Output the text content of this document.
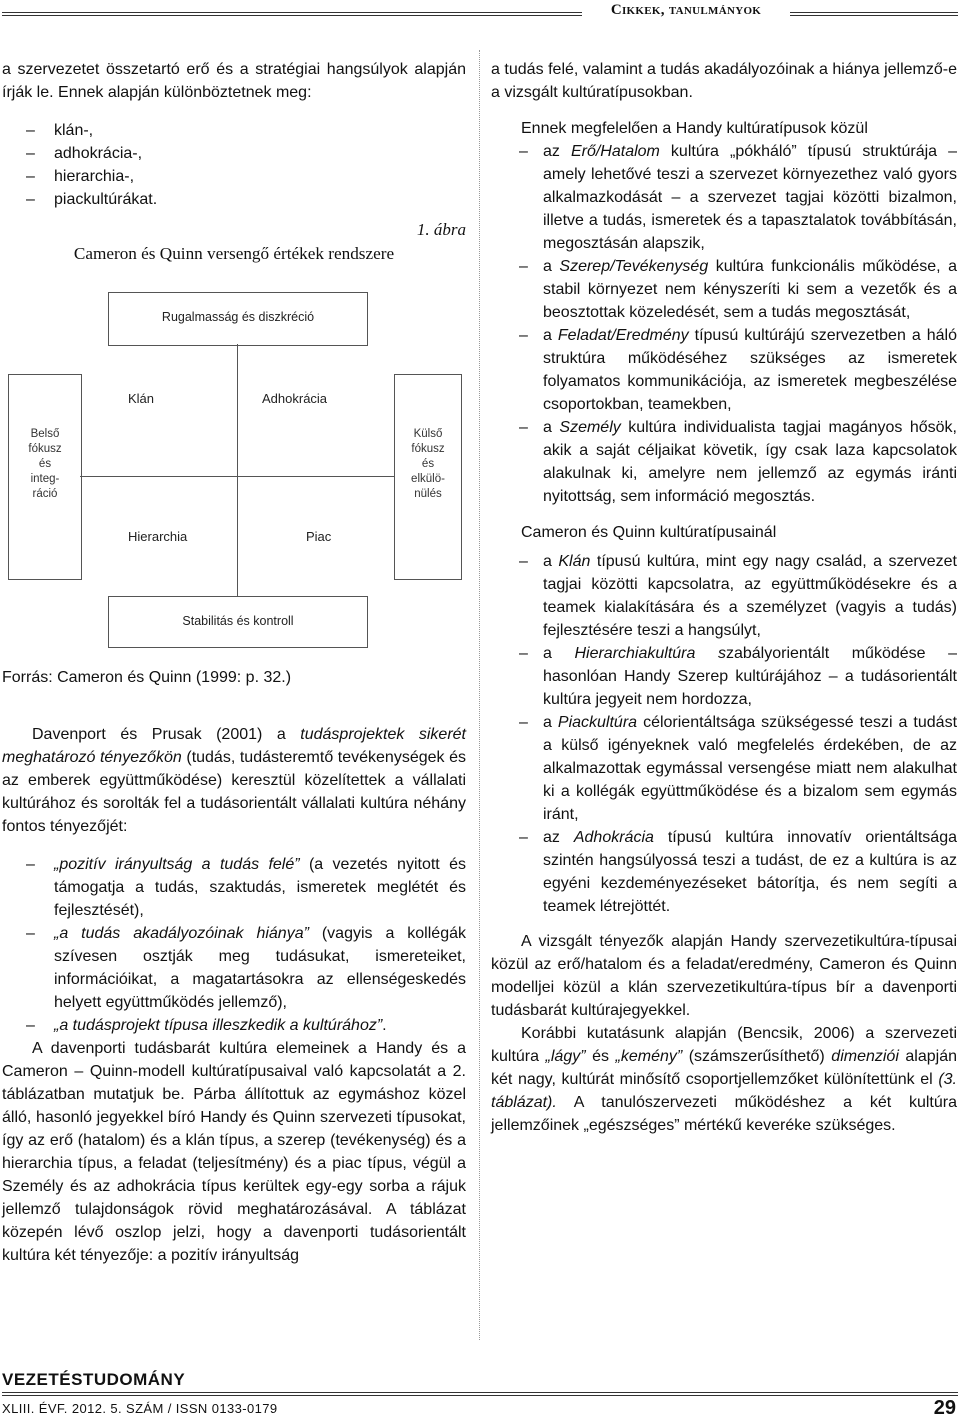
Cikkek, tanulmányok

a szervezetet összetartó erő és a stratégiai hangsúlyok alapján írják le. Ennek alapján különböztetnek meg:

– klán-,
– adhokrácia-,
– hierarchia-,
– piackultúrákat.
1. ábra
Cameron és Quinn versengő értékek rendszere
Rugalmasság és diszkréció
Belső
fókusz
és
integ-
ráció
Külső
fókusz
és
elkülö-
nülés
Stabilitás és kontroll
Klán	Adhokrácia
Hierarchia	Piac
Forrás: Cameron és Quinn (1999: p. 32.)

Davenport és Prusak (2001) a tudásprojektek sikerét meghatározó tényezőkön (tudás, tudásteremtő tevékenységek és az emberek együttműködése) keresztül közelítettek a vállalati kultúrához és sorolták fel a tudásorientált vállalati kultúra néhány fontos tényezőjét:

– „pozitív irányultság a tudás felé” (a vezetés nyitott és támogatja a tudás, szaktudás, ismeretek meglétét és fejlesztését),
– „a tudás akadályozóinak hiánya” (vagyis a kollégák szívesen osztják meg tudásukat, ismereteiket, információikat, a magatartásokra az ellenségeskedés helyett együttműködés jellemző),
– „a tudásprojekt típusa illeszkedik a kultúrához”.

A davenporti tudásbarát kultúra elemeinek a Handy és a Cameron – Quinn-modell kultúratípusaival való kapcsolatát a 2. táblázatban mutatjuk be. Párba állítottuk az egymáshoz közel álló, hasonló jegyekkel bíró Handy és Quinn szervezeti típusokat, így az erő (hatalom) és a klán típus, a szerep (tevékenység) és a hierarchia típus, a feladat (teljesítmény) és a piac típus, végül a Személy és az adhokrácia típus kerültek egy-egy sorba a rájuk jellemző tulajdonságok rövid meghatározásával. A táblázat közepén lévő oszlop jelzi, hogy a davenporti tudásorientált kultúra két tényezője: a pozitív irányultság

a tudás felé, valamint a tudás akadályozóinak a hiánya jellemző-e a vizsgált kultúratípusokban.

Ennek megfelelően a Handy kultúratípusok közül

– az Erő/Hatalom kultúra „pókháló” típusú struktúrája – amely lehetővé teszi a szervezet környezethez való gyors alkalmazkodását – a szervezet tagjai közötti bizalmon, illetve a tudás, ismeretek és a tapasztalatok továbbításán, megosztásán alapszik,
– a Szerep/Tevékenység kultúra funkcionális működése, a stabil környezet nem kényszeríti ki sem a vezetők és a beosztottak közeledését, sem a tudás megosztását,
– a Feladat/Eredmény típusú kultúrájú szervezetben a háló struktúra működéséhez szükséges az ismeretek folyamatos kommunikációja, az ismeretek megbeszélése csoportokban, teamekben,
– a Személy kultúra individualista tagjai magányos hősök, akik a saját céljaikat követik, így csak laza kapcsolatok alakulnak ki, amelyre nem jellemző az egymás iránti nyitottság, sem információ megosztás.

Cameron és Quinn kultúratípusainál

– a Klán típusú kultúra, mint egy nagy család, a szervezet tagjai közötti kapcsolatra, az együttműködésekre és a teamek kialakítására és a személyzet (vagyis a tudás) fejlesztésére teszi a hangsúlyt,
– a Hierarchiakultúra szabályorientált működése – hasonlóan Handy Szerep kultúrájához – a tudásorientált kultúra jegyeit nem hordozza,
– a Piackultúra célorientáltsága szükségessé teszi a tudást a külső igényeknek való megfelelés érdekében, de az alkalmazottak egymással versengése miatt nem alakulhat ki a kollégák együttműködése és a bizalom sem egymás iránt,
– az Adhokrácia típusú kultúra innovatív orientáltsága szintén hangsúlyossá teszi a tudást, de ez a kultúra is az egyéni kezdeményezéseket bátorítja, és nem segíti a teamek létrejöttét.

A vizsgált tényezők alapján Handy szervezetikultúra-típusai közül az erő/hatalom és a feladat/eredmény, Cameron és Quinn modelljei közül a klán szervezetikultúra-típus bír a davenporti tudásbarát kultúrajegyekkel.

Korábbi kutatásunk alapján (Bencsik, 2006) a szervezeti kultúra „lágy” és „kemény” (számszerűsíthető) dimenziói alapján két nagy, kultúrát minősítő csoportjellemzőket különítettünk el (3. táblázat). A tanulószervezeti működéshez a két kultúra jellemzőinek „egészséges” mértékű keveréke szükséges.

VEZETÉSTUDOMÁNY
XLIII. ÉVF. 2012. 5. SZÁM / ISSN 0133-0179	29
